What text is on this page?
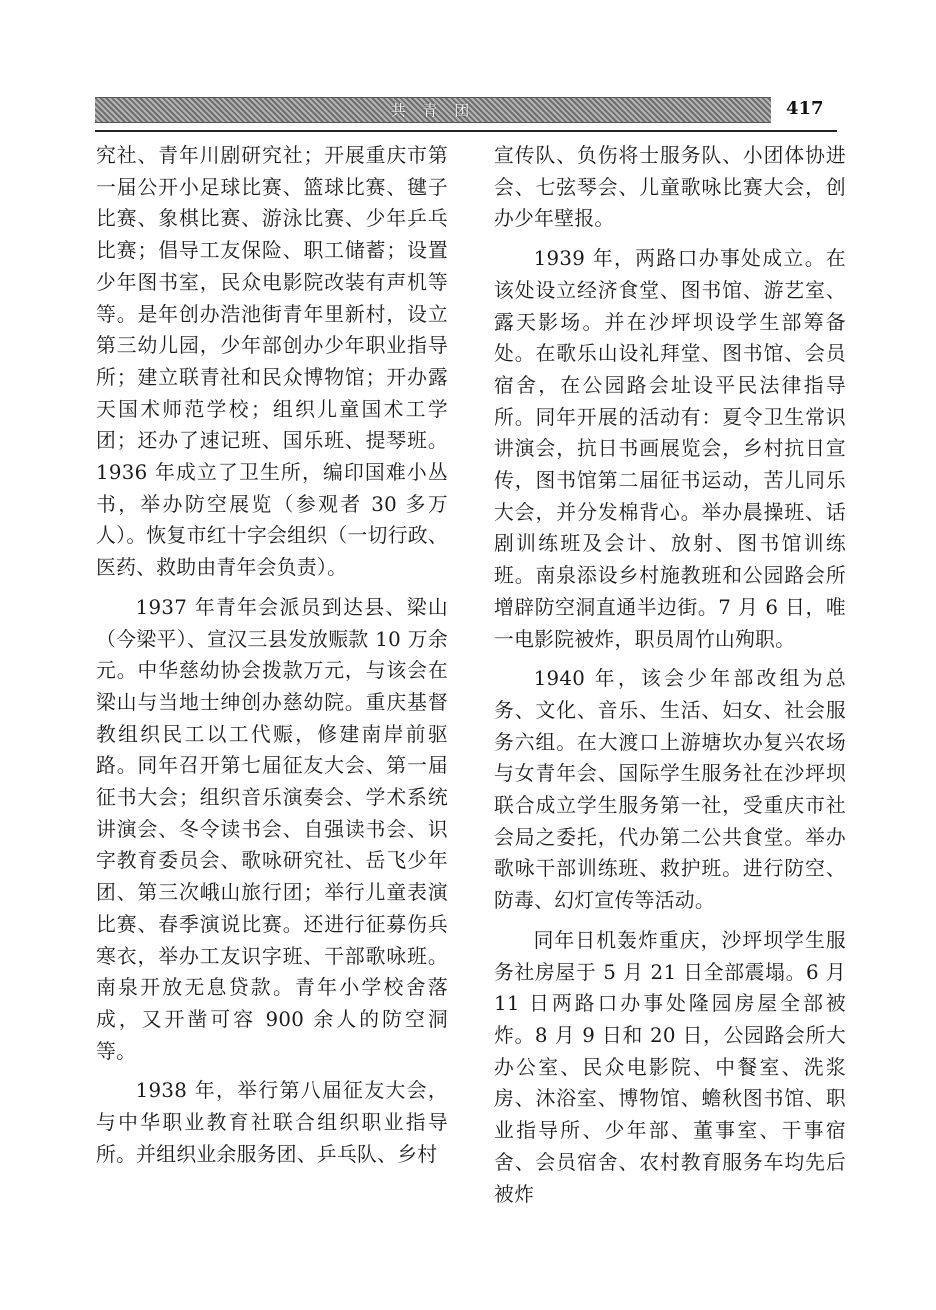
共 青 团	417

究社、青年川剧研究社；开展重庆市第一届公开小足球比赛、篮球比赛、毽子比赛、象棋比赛、游泳比赛、少年乒乓比赛；倡导工友保险、职工储蓄；设置少年图书室，民众电影院改装有声机等等。是年创办浩池街青年里新村，设立第三幼儿园，少年部创办少年职业指导所；建立联青社和民众博物馆；开办露天国术师范学校；组织儿童国术工学团；还办了速记班、国乐班、提琴班。1936 年成立了卫生所，编印国难小丛书，举办防空展览（参观者 30 多万人）。恢复市红十字会组织（一切行政、医药、救助由青年会负责）。

1937 年青年会派员到达县、梁山（今梁平）、宣汉三县发放赈款 10 万余元。中华慈幼协会拨款万元，与该会在梁山与当地士绅创办慈幼院。重庆基督教组织民工以工代赈，修建南岸前驱路。同年召开第七届征友大会、第一届征书大会；组织音乐演奏会、学术系统讲演会、冬令读书会、自强读书会、识字教育委员会、歌咏研究社、岳飞少年团、第三次峨山旅行团；举行儿童表演比赛、春季演说比赛。还进行征募伤兵寒衣，举办工友识字班、干部歌咏班。南泉开放无息贷款。青年小学校舍落成，又开凿可容 900 余人的防空洞等。

1938 年，举行第八届征友大会，与中华职业教育社联合组织职业指导所。并组织业余服务团、乒乓队、乡村

宣传队、负伤将士服务队、小团体协进会、七弦琴会、儿童歌咏比赛大会，创办少年壁报。

1939 年，两路口办事处成立。在该处设立经济食堂、图书馆、游艺室、露天影场。并在沙坪坝设学生部筹备处。在歌乐山设礼拜堂、图书馆、会员宿舍，在公园路会址设平民法律指导所。同年开展的活动有：夏令卫生常识讲演会，抗日书画展览会，乡村抗日宣传，图书馆第二届征书运动，苦儿同乐大会，并分发棉背心。举办晨操班、话剧训练班及会计、放射、图书馆训练班。南泉添设乡村施教班和公园路会所增辟防空洞直通半边街。7 月 6 日，唯一电影院被炸，职员周竹山殉职。

1940 年，该会少年部改组为总务、文化、音乐、生活、妇女、社会服务六组。在大渡口上游塘坎办复兴农场与女青年会、国际学生服务社在沙坪坝联合成立学生服务第一社，受重庆市社会局之委托，代办第二公共食堂。举办歌咏干部训练班、救护班。进行防空、防毒、幻灯宣传等活动。

同年日机轰炸重庆，沙坪坝学生服务社房屋于 5 月 21 日全部震塌。6 月 11 日两路口办事处隆园房屋全部被炸。8 月 9 日和 20 日，公园路会所大办公室、民众电影院、中餐室、洗浆房、沐浴室、博物馆、蟾秋图书馆、职业指导所、少年部、董事室、干事宿舍、会员宿舍、农村教育服务车均先后被炸
